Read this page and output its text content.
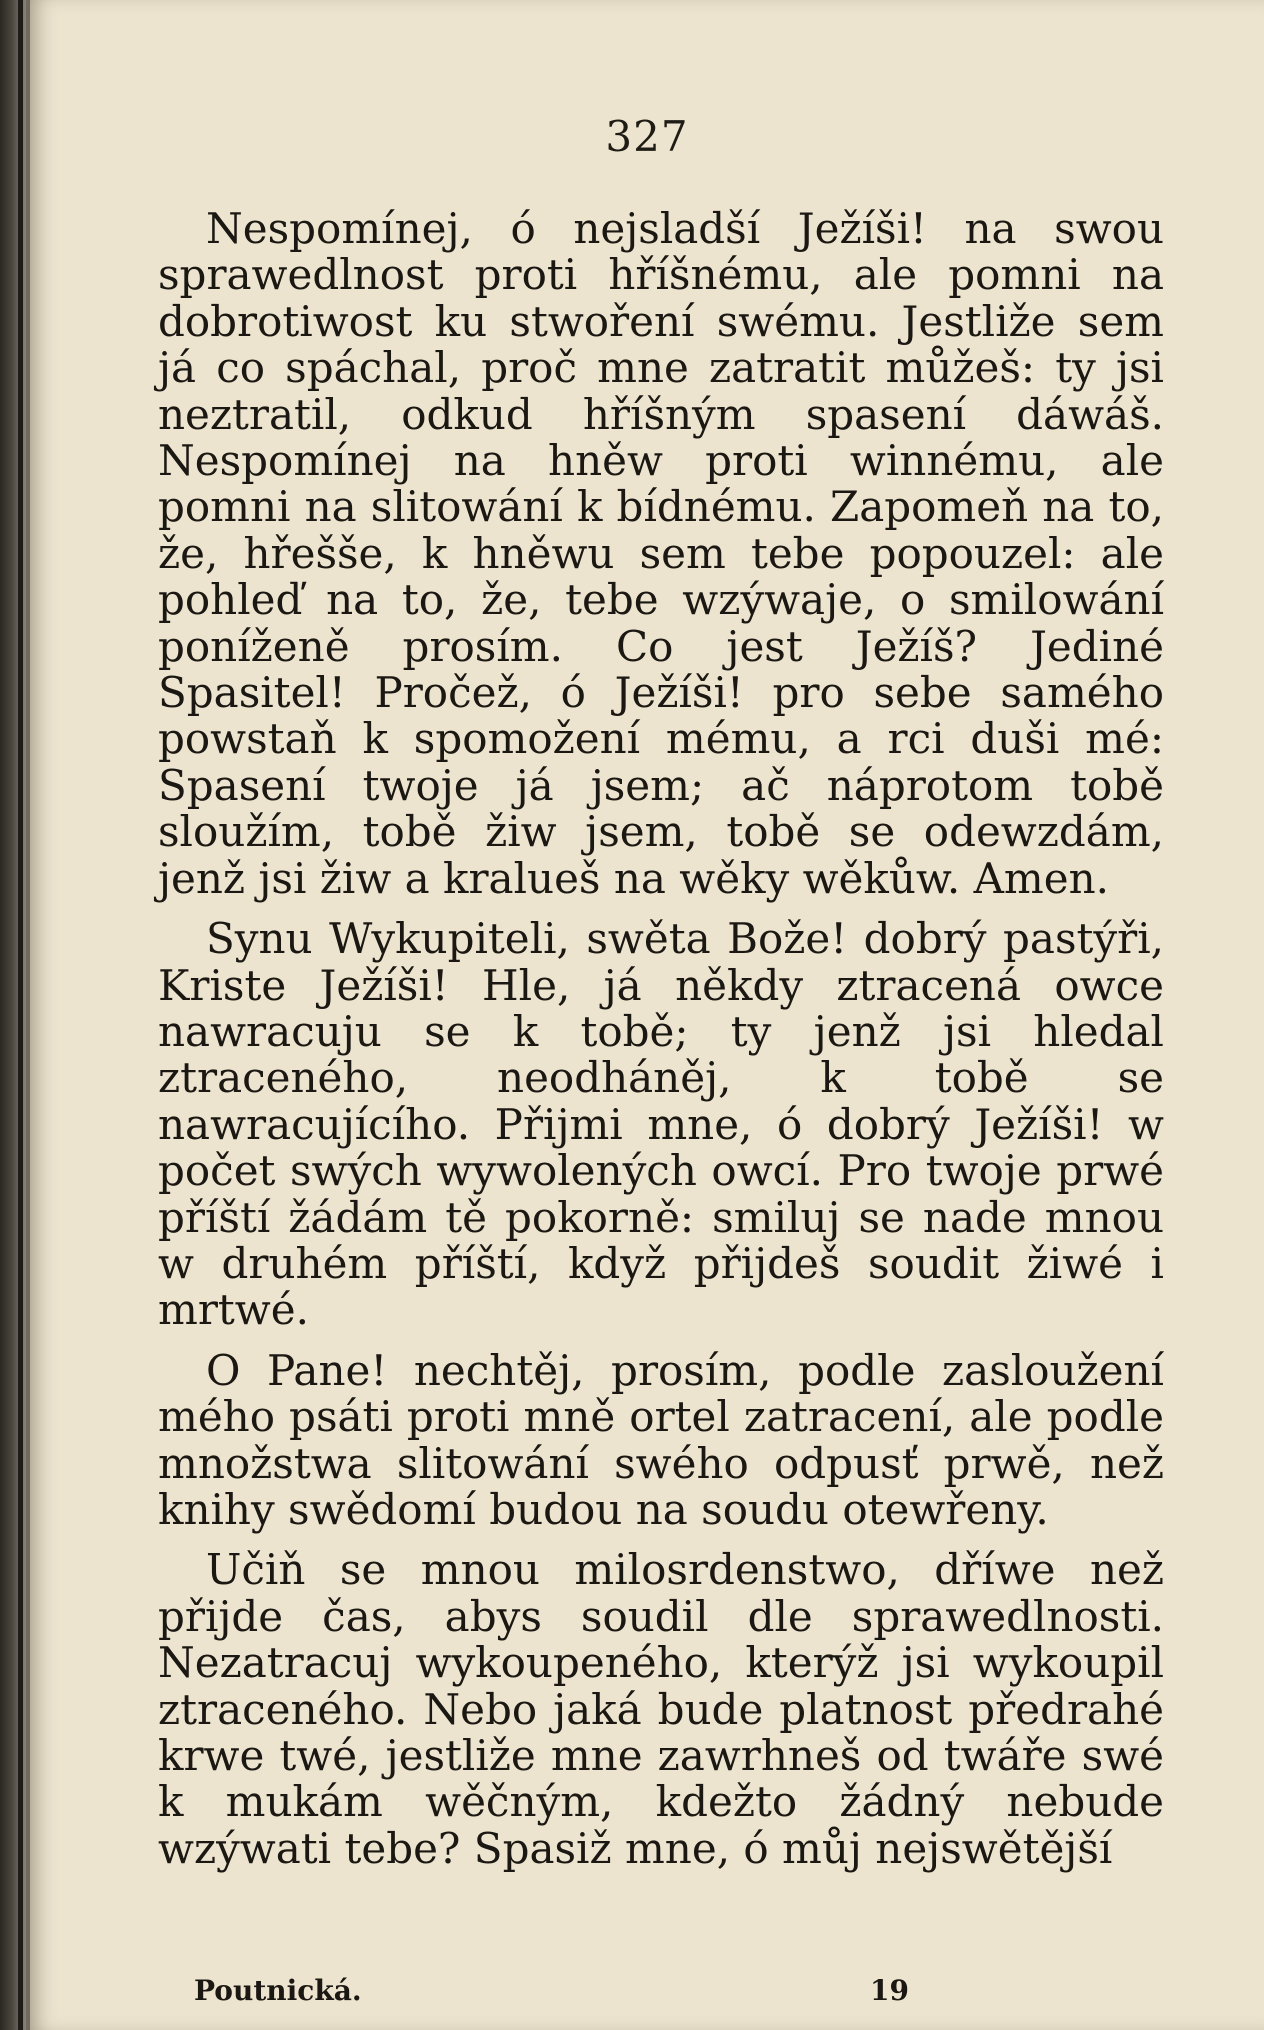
327

Nespomínej, ó nejsladší Ježíši! na swou sprawedlnost proti hříšnému, ale pomni na dobrotiwost ku stwoření swému. Jestliže sem já co spáchal, proč mne zatratit můžeš: ty jsi neztratil, odkud hříšným spasení dáwáš. Nespomínej na hněw proti winnému, ale pomni na slitowání k bídnému. Zapomeň na to, že, hřešše, k hněwu sem tebe popouzel: ale pohleď na to, že, tebe wzýwaje, o smilowání poníženě prosím. Co jest Ježíš? Jediné Spasitel! Pročež, ó Ježíši! pro sebe samého powstaň k spomožení mému, a rci duši mé: Spasení twoje já jsem; ač náprotom tobě sloužím, tobě žiw jsem, tobě se odewzdám, jenž jsi žiw a kralueš na wěky wěkůw. Amen.

Synu Wykupiteli, swěta Bože! dobrý pastýři, Kriste Ježíši! Hle, já někdy ztracená owce nawracuju se k tobě; ty jenž jsi hledal ztraceného, neodháněj, k tobě se nawracujícího. Přijmi mne, ó dobrý Ježíši! w počet swých wywolených owcí. Pro twoje prwé příští žádám tě pokorně: smiluj se nade mnou w druhém příští, když přijdeš soudit žiwé i mrtwé.

O Pane! nechtěj, prosím, podle zasloužení mého psáti proti mně ortel zatracení, ale podle množstwa slitowání swého odpusť prwě, než knihy swědomí budou na soudu otewřeny.

Učiň se mnou milosrdenstwo, dříwe než přijde čas, abys soudil dle sprawedlnosti. Nezatracuj wykoupeného, kterýž jsi wykoupil ztraceného. Nebo jaká bude platnost předrahé krwe twé, jestliže mne zawrhneš od twáře swé k mukám wěčným, kdežto žádný nebude wzýwati tebe? Spasiž mne, ó můj nejswětější

Poutnická.	19
